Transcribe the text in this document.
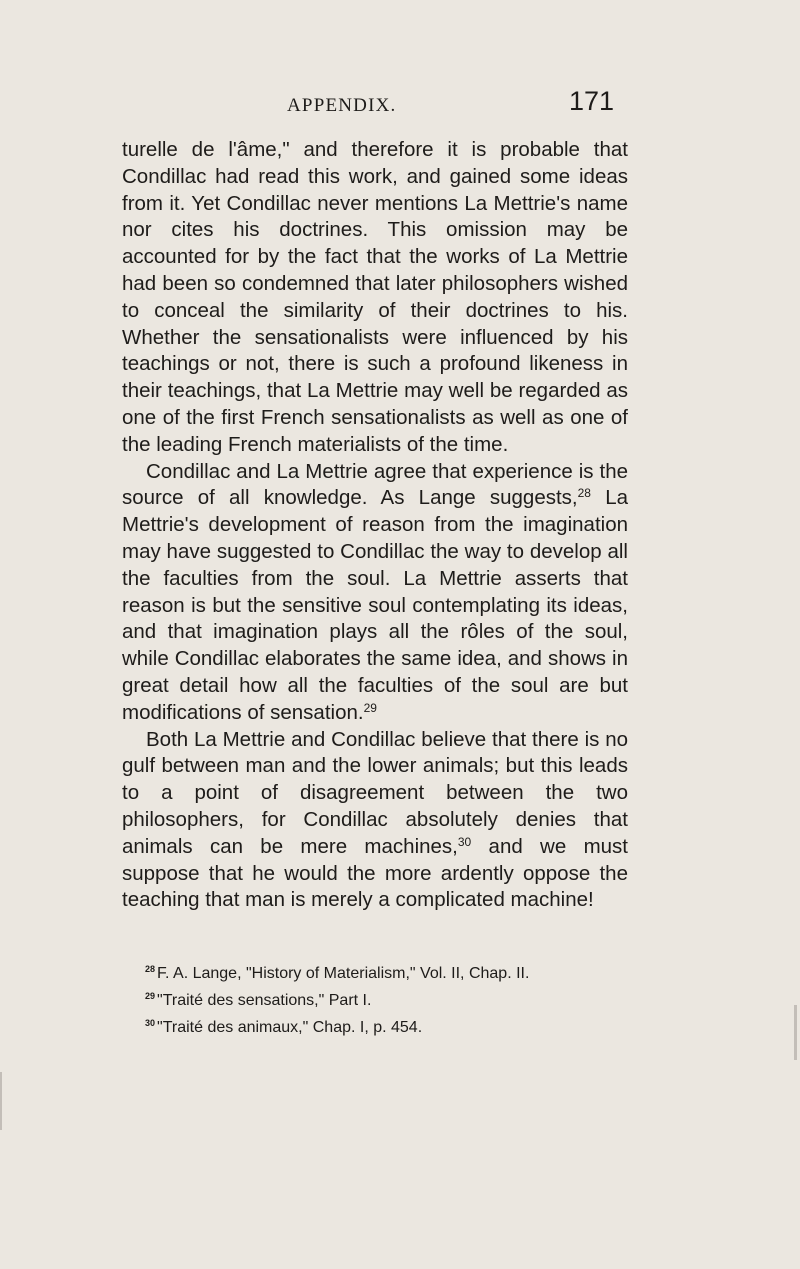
APPENDIX.	171

turelle de l'âme," and therefore it is probable that Condillac had read this work, and gained some ideas from it. Yet Condillac never mentions La Mettrie's name nor cites his doctrines. This omission may be accounted for by the fact that the works of La Mettrie had been so condemned that later philosophers wished to conceal the similarity of their doctrines to his. Whether the sensationalists were influenced by his teachings or not, there is such a profound likeness in their teachings, that La Mettrie may well be regarded as one of the first French sensationalists as well as one of the leading French materialists of the time.

Condillac and La Mettrie agree that experience is the source of all knowledge. As Lange suggests,$^{28}$ La Mettrie's development of reason from the imagination may have suggested to Condillac the way to develop all the faculties from the soul. La Mettrie asserts that reason is but the sensitive soul contemplating its ideas, and that imagination plays all the rôles of the soul, while Condillac elaborates the same idea, and shows in great detail how all the faculties of the soul are but modifications of sensation.$^{29}$

Both La Mettrie and Condillac believe that there is no gulf between man and the lower animals; but this leads to a point of disagreement between the two philosophers, for Condillac absolutely denies that animals can be mere machines,$^{30}$ and we must suppose that he would the more ardently oppose the teaching that man is merely a complicated machine!

$^{28}$ F. A. Lange, "History of Materialism," Vol. II, Chap. II.

$^{29}$ "Traité des sensations," Part I.

$^{30}$ "Traité des animaux," Chap. I, p. 454.
